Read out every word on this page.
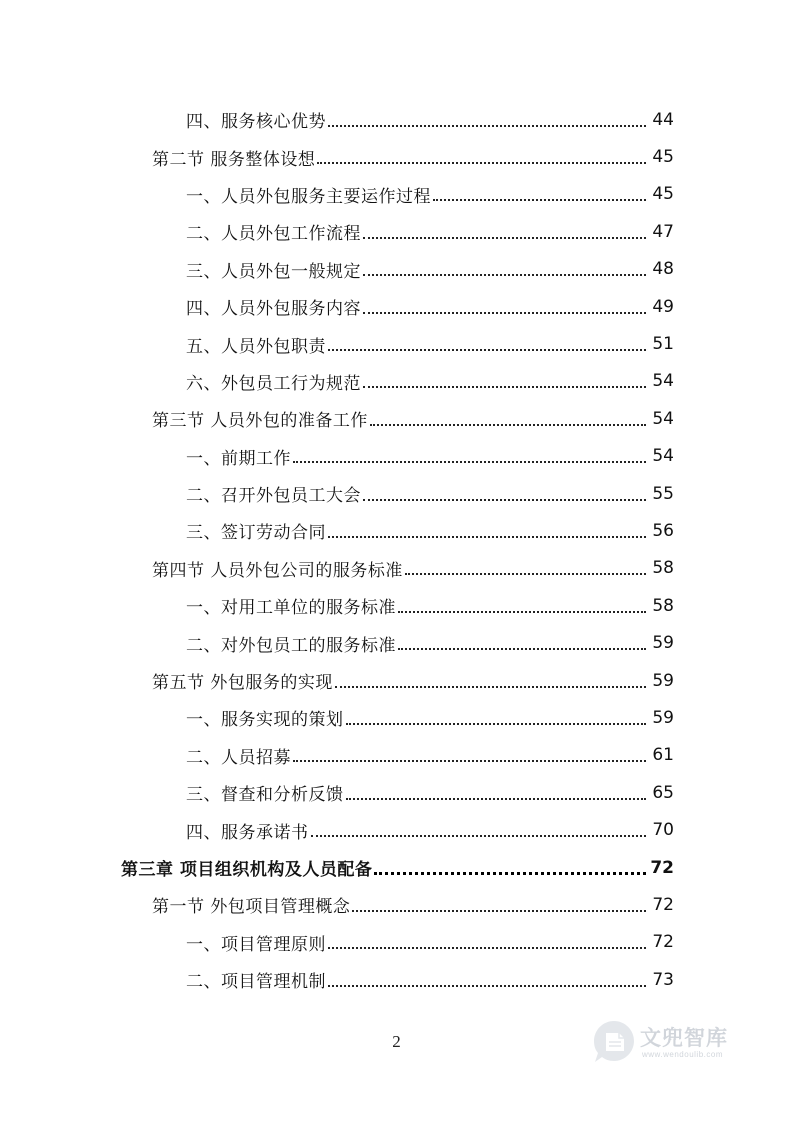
四、服务核心优势	44
第二节 服务整体设想	45
一、人员外包服务主要运作过程	45
二、人员外包工作流程	47
三、人员外包一般规定	48
四、人员外包服务内容	49
五、人员外包职责	51
六、外包员工行为规范	54
第三节 人员外包的准备工作	54
一、前期工作	54
二、召开外包员工大会	55
三、签订劳动合同	56
第四节 人员外包公司的服务标准	58
一、对用工单位的服务标准	58
二、对外包员工的服务标准	59
第五节 外包服务的实现	59
一、服务实现的策划	59
二、人员招募	61
三、督查和分析反馈	65
四、服务承诺书	70
第三章 项目组织机构及人员配备	72
第一节 外包项目管理概念	72
一、项目管理原则	72
二、项目管理机制	73
2	文兜智库
www.wendoulib.com
